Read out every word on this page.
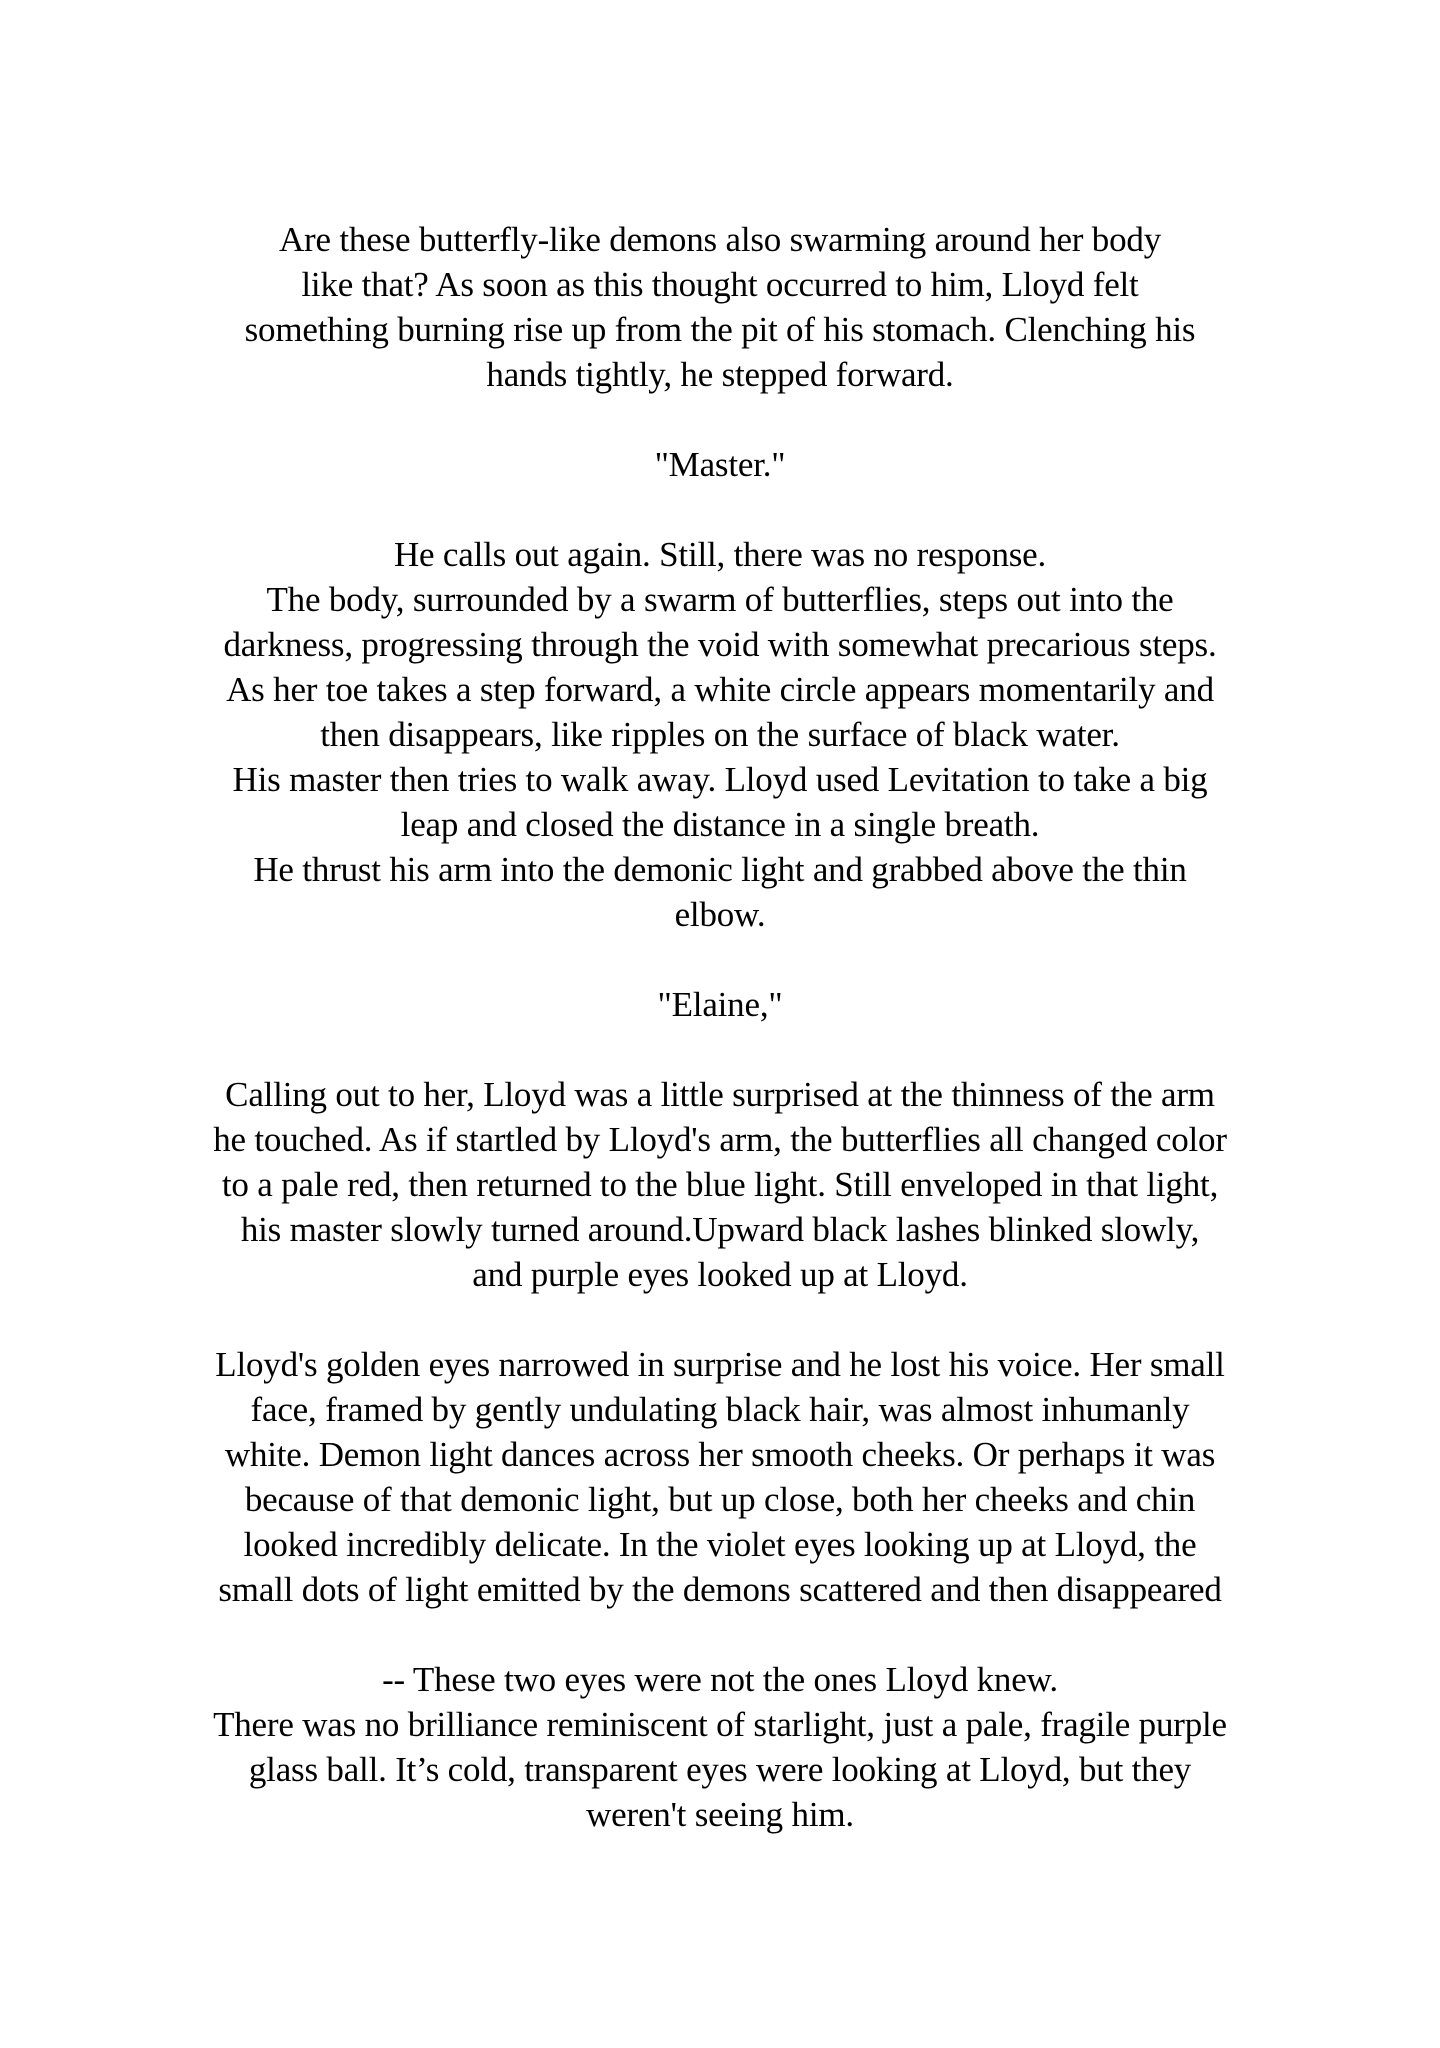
Are these butterfly-like demons also swarming around her body
like that? As soon as this thought occurred to him, Lloyd felt
something burning rise up from the pit of his stomach. Clenching his
hands tightly, he stepped forward.
"Master."
He calls out again. Still, there was no response.
The body, surrounded by a swarm of butterflies, steps out into the
darkness, progressing through the void with somewhat precarious steps.
As her toe takes a step forward, a white circle appears momentarily and
then disappears, like ripples on the surface of black water.
His master then tries to walk away. Lloyd used Levitation to take a big
leap and closed the distance in a single breath.
He thrust his arm into the demonic light and grabbed above the thin
elbow.
"Elaine,"
Calling out to her, Lloyd was a little surprised at the thinness of the arm
he touched. As if startled by Lloyd's arm, the butterflies all changed color
to a pale red, then returned to the blue light. Still enveloped in that light,
his master slowly turned around.Upward black lashes blinked slowly,
and purple eyes looked up at Lloyd.
Lloyd's golden eyes narrowed in surprise and he lost his voice. Her small
face, framed by gently undulating black hair, was almost inhumanly
white. Demon light dances across her smooth cheeks. Or perhaps it was
because of that demonic light, but up close, both her cheeks and chin
looked incredibly delicate. In the violet eyes looking up at Lloyd, the
small dots of light emitted by the demons scattered and then disappeared
-- These two eyes were not the ones Lloyd knew.
There was no brilliance reminiscent of starlight, just a pale, fragile purple
glass ball. It’s cold, transparent eyes were looking at Lloyd, but they
weren't seeing him.
